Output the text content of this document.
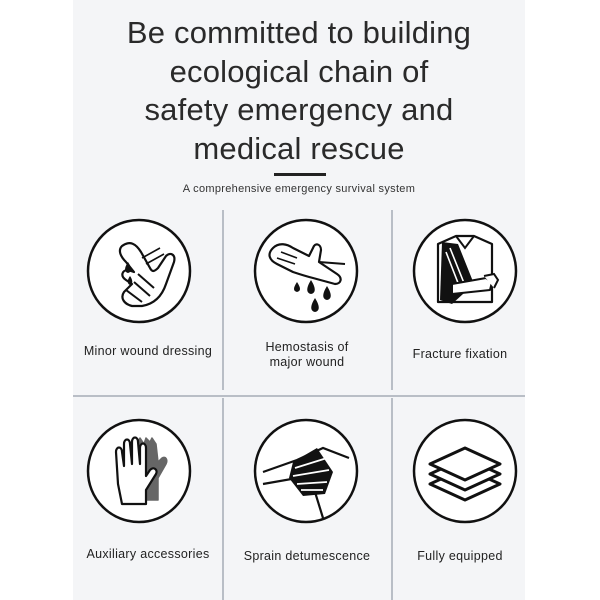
Be committed to building
ecological chain of
safety emergency and
medical rescue
A comprehensive emergency survival system
Minor wound dressing	Hemostasis of
major wound
Fracture fixation
Auxiliary accessories	Sprain detumescence	Fully equipped
